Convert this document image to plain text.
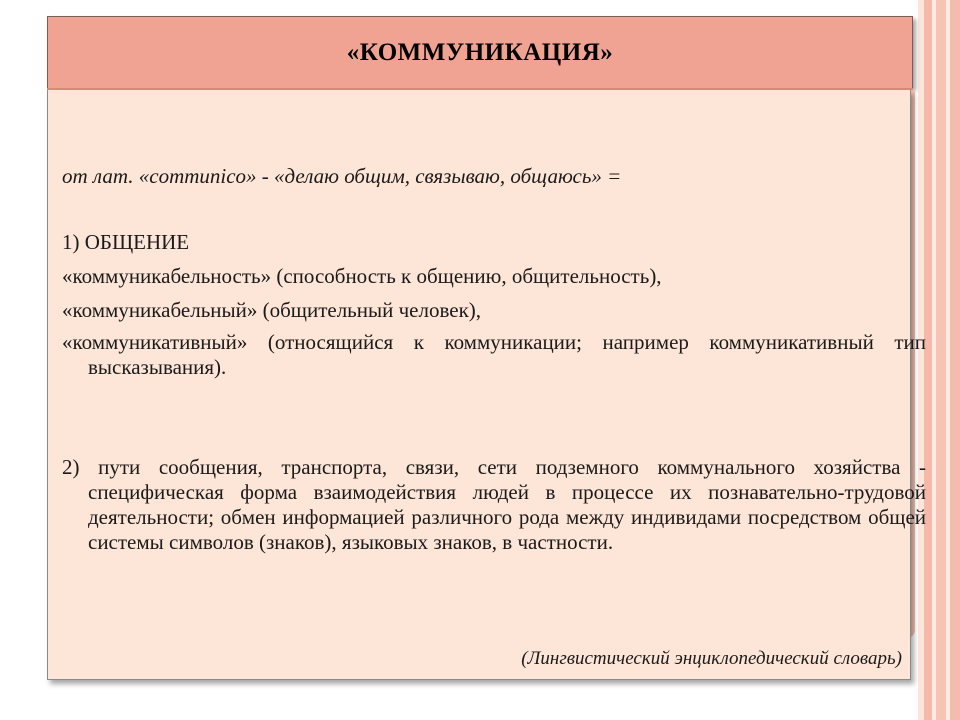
«КОММУНИКАЦИЯ»

от лат. «communico» - «делаю общим, связываю, общаюсь» =

1) ОБЩЕНИЕ

«коммуникабельность» (способность к общению, общительность),

«коммуникабельный» (общительный человек),

«коммуникативный» (относящийся к коммуникации; например коммуникативный тип высказывания).

2) пути сообщения, транспорта, связи, сети подземного коммунального хозяйства - специфическая форма взаимодействия людей в процессе их познавательно-трудовой деятельности; обмен информацией различного рода между индивидами посредством общей системы символов (знаков), языковых знаков, в частности.

(Лингвистический энциклопедический словарь)
